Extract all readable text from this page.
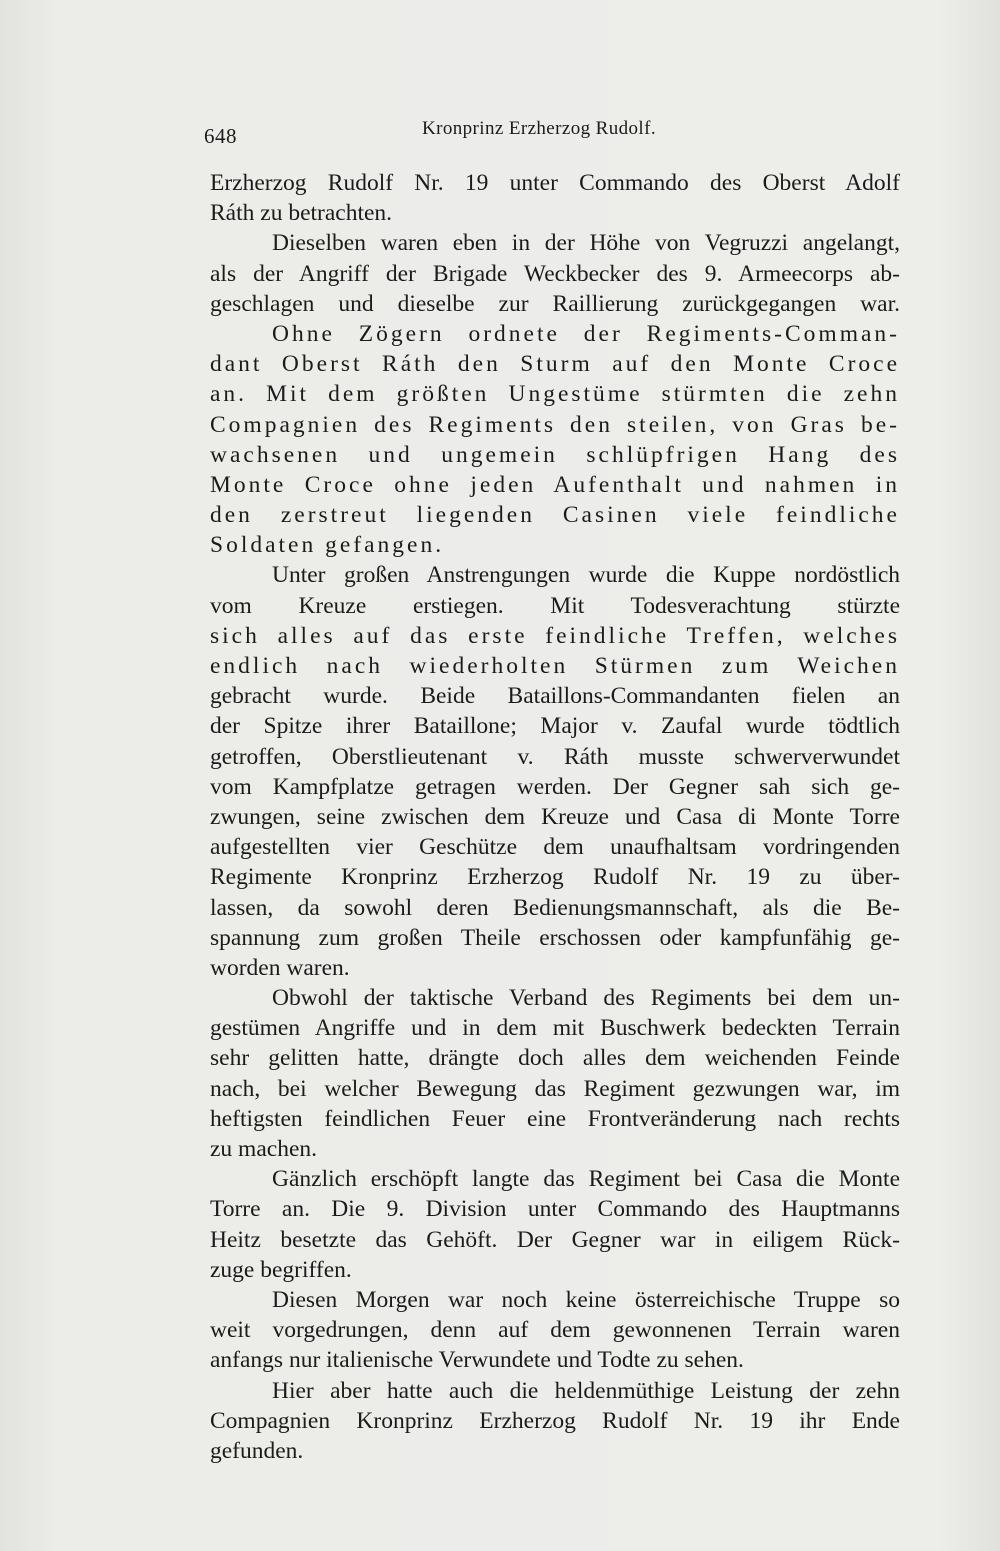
648	Kronprinz Erzherzog Rudolf.
Erzherzog Rudolf Nr. 19 unter Commando des Oberst Adolf
Ráth zu betrachten.
Dieselben waren eben in der Höhe von Vegruzzi angelangt,
als der Angriff der Brigade Weckbecker des 9. Armeecorps ab-
geschlagen und dieselbe zur Raillierung zurückgegangen war.
Ohne Zögern ordnete der Regiments-Comman-
dant Oberst Ráth den Sturm auf den Monte Croce
an. Mit dem größten Ungestüme stürmten die zehn
Compagnien des Regiments den steilen, von Gras be-
wachsenen und ungemein schlüpfrigen Hang des
Monte Croce ohne jeden Aufenthalt und nahmen in
den zerstreut liegenden Casinen viele feindliche
Soldaten gefangen.
Unter großen Anstrengungen wurde die Kuppe nordöstlich
vom Kreuze erstiegen. Mit Todesverachtung stürzte
sich alles auf das erste feindliche Treffen, welches
endlich nach wiederholten Stürmen zum Weichen
gebracht wurde. Beide Bataillons-Commandanten fielen an
der Spitze ihrer Bataillone; Major v. Zaufal wurde tödtlich
getroffen, Oberstlieutenant v. Ráth musste schwerverwundet
vom Kampfplatze getragen werden. Der Gegner sah sich ge-
zwungen, seine zwischen dem Kreuze und Casa di Monte Torre
aufgestellten vier Geschütze dem unaufhaltsam vordringenden
Regimente Kronprinz Erzherzog Rudolf Nr. 19 zu über-
lassen, da sowohl deren Bedienungsmannschaft, als die Be-
spannung zum großen Theile erschossen oder kampfunfähig ge-
worden waren.
Obwohl der taktische Verband des Regiments bei dem un-
gestümen Angriffe und in dem mit Buschwerk bedeckten Terrain
sehr gelitten hatte, drängte doch alles dem weichenden Feinde
nach, bei welcher Bewegung das Regiment gezwungen war, im
heftigsten feindlichen Feuer eine Frontveränderung nach rechts
zu machen.
Gänzlich erschöpft langte das Regiment bei Casa die Monte
Torre an. Die 9. Division unter Commando des Hauptmanns
Heitz besetzte das Gehöft. Der Gegner war in eiligem Rück-
zuge begriffen.
Diesen Morgen war noch keine österreichische Truppe so
weit vorgedrungen, denn auf dem gewonnenen Terrain waren
anfangs nur italienische Verwundete und Todte zu sehen.
Hier aber hatte auch die heldenmüthige Leistung der zehn
Compagnien Kronprinz Erzherzog Rudolf Nr. 19 ihr Ende
gefunden.
